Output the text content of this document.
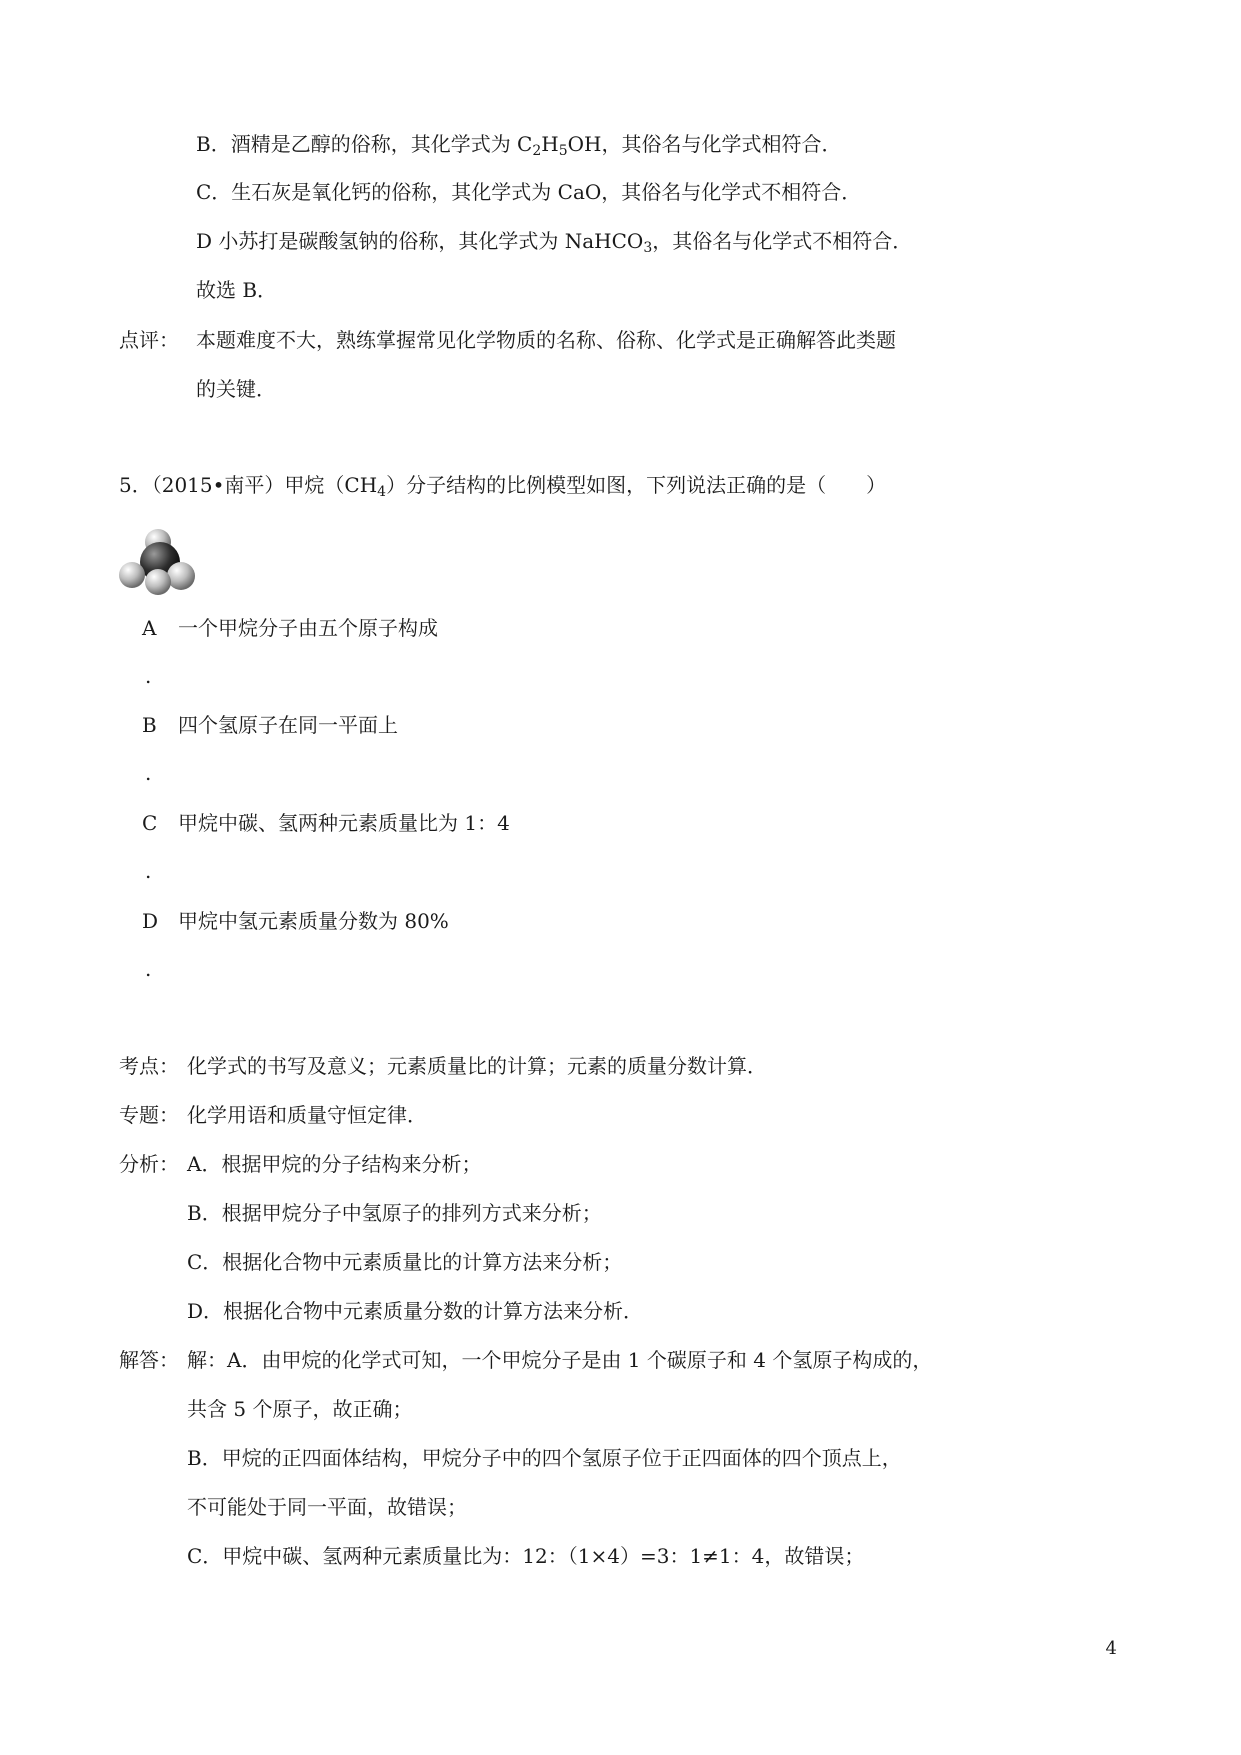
B．酒精是乙醇的俗称，其化学式为 $C_2H_5OH$，其俗名与化学式相符合．
C．生石灰是氧化钙的俗称，其化学式为 CaO，其俗名与化学式不相符合．
D 小苏打是碳酸氢钠的俗称，其化学式为 NaHCO$_3$，其俗名与化学式不相符合．
故选 B．
点评： 本题难度不大，熟练掌握常见化学物质的名称、俗称、化学式是正确解答此类题
的关键．
5．（2015•南平）甲烷$(CH_4)$分子结构的比例模型如图，下列说法正确的是（　　）
A 一个甲烷分子由五个原子构成
.
B 四个氢原子在同一平面上
.
C 甲烷中碳、氢两种元素质量比为 1：4
.
D 甲烷中氢元素质量分数为 80%
.
考点： 化学式的书写及意义；元素质量比的计算；元素的质量分数计算．
专题： 化学用语和质量守恒定律．
分析： A．根据甲烷的分子结构来分析；
B．根据甲烷分子中氢原子的排列方式来分析；
C．根据化合物中元素质量比的计算方法来分析；
D．根据化合物中元素质量分数的计算方法来分析．
解答： 解：A．由甲烷的化学式可知，一个甲烷分子是由 1 个碳原子和 4 个氢原子构成的，
共含 5 个原子，故正确；
B．甲烷的正四面体结构，甲烷分子中的四个氢原子位于正四面体的四个顶点上，
不可能处于同一平面，故错误；
C．甲烷中碳、氢两种元素质量比为：12：（1×4）=3：1≠1：4，故错误；
4
